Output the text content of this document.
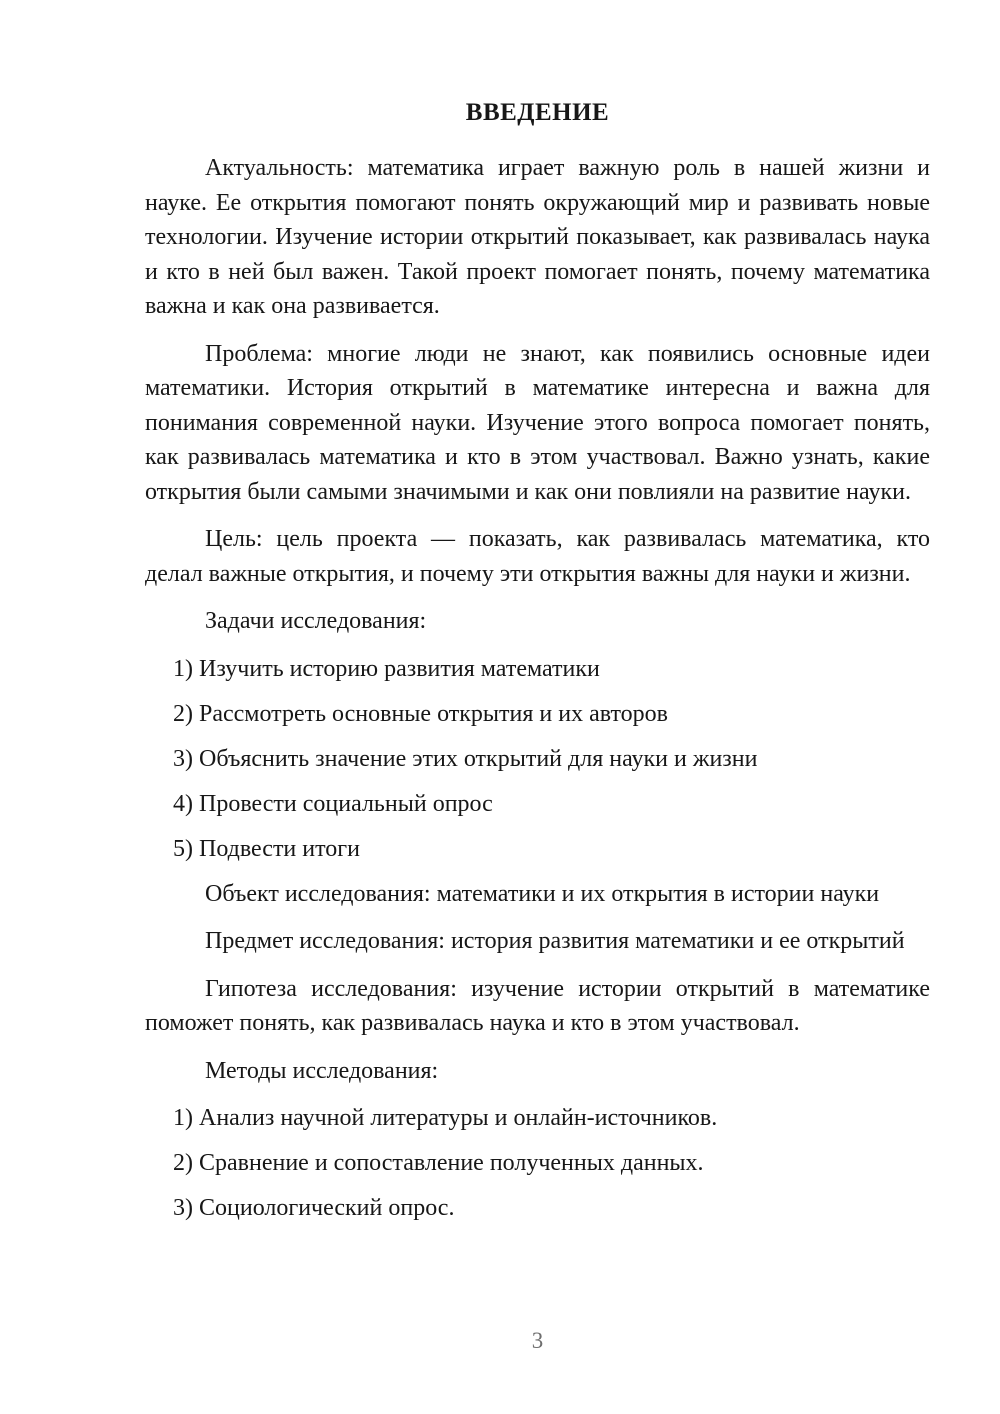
ВВЕДЕНИЕ

Актуальность: математика играет важную роль в нашей жизни и науке. Ее открытия помогают понять окружающий мир и развивать новые технологии. Изучение истории открытий показывает, как развивалась наука и кто в ней был важен. Такой проект помогает понять, почему математика важна и как она развивается.

Проблема: многие люди не знают, как появились основные идеи математики. История открытий в математике интересна и важна для понимания современной науки. Изучение этого вопроса помогает понять, как развивалась математика и кто в этом участвовал. Важно узнать, какие открытия были самыми значимыми и как они повлияли на развитие науки.

Цель: цель проекта — показать, как развивалась математика, кто делал важные открытия, и почему эти открытия важны для науки и жизни.

Задачи исследования:

1) Изучить историю развития математики

2) Рассмотреть основные открытия и их авторов

3) Объяснить значение этих открытий для науки и жизни

4) Провести социальный опрос

5) Подвести итоги

Объект исследования: математики и их открытия в истории науки

Предмет исследования: история развития математики и ее открытий

Гипотеза исследования: изучение истории открытий в математике поможет понять, как развивалась наука и кто в этом участвовал.

Методы исследования:

1) Анализ научной литературы и онлайн-источников.

2) Сравнение и сопоставление полученных данных.

3) Социологический опрос.

3
